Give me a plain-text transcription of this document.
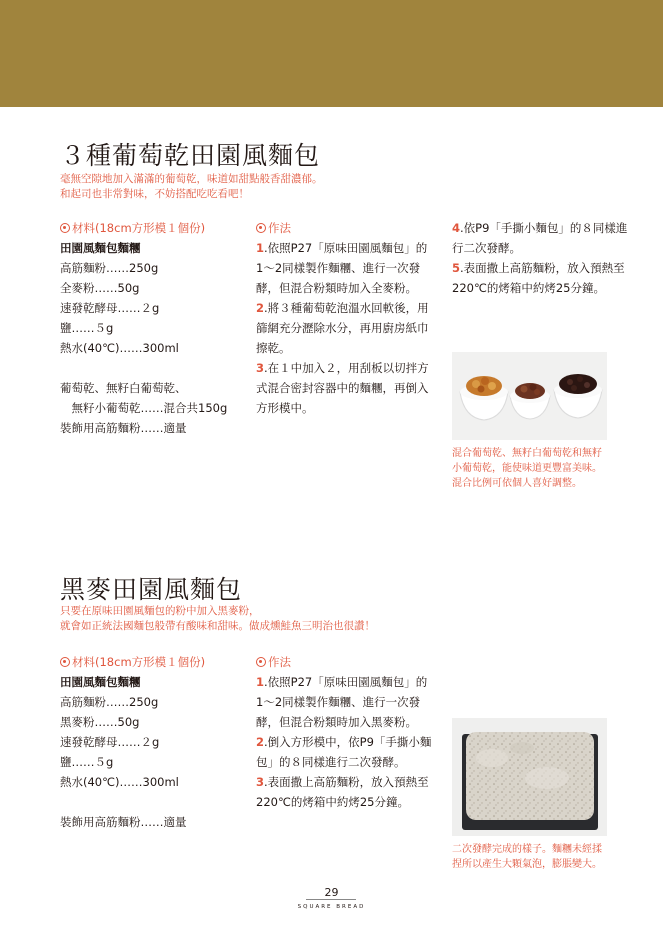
３種葡萄乾田園風麵包
毫無空隙地加入滿滿的葡萄乾，味道如甜點般香甜濃郁。
和起司也非常對味，不妨搭配吃吃看吧！
材料(18cm方形模１個份)
田園風麵包麵糰
高筋麵粉……250g
全麥粉……50g
速發乾酵母……２g
鹽……５g
熱水(40℃)……300ml
葡萄乾、無籽白葡萄乾、
　無籽小葡萄乾……混合共150g
裝飾用高筋麵粉……適量
作法
1.依照P27「原味田園風麵包」的
1～2同樣製作麵糰、進行一次發
酵，但混合粉類時加入全麥粉。
2.將３種葡萄乾泡溫水回軟後，用
篩網充分瀝除水分，再用廚房紙巾
擦乾。
3.在１中加入２，用刮板以切拌方
式混合密封容器中的麵糰，再倒入
方形模中。
4.依P9「手撕小麵包」的８同樣進
行二次發酵。
5.表面撒上高筋麵粉，放入預熱至
220℃的烤箱中約烤25分鐘。
混合葡萄乾、無籽白葡萄乾和無籽
小葡萄乾，能使味道更豐富美味。
混合比例可依個人喜好調整。
黑麥田園風麵包
只要在原味田園風麵包的粉中加入黑麥粉，
就會如正統法國麵包般帶有酸味和甜味。做成燻鮭魚三明治也很讚！
材料(18cm方形模１個份)
田園風麵包麵糰
高筋麵粉……250g
黑麥粉……50g
速發乾酵母……２g
鹽……５g
熱水(40℃)……300ml
裝飾用高筋麵粉……適量
作法
1.依照P27「原味田園風麵包」的
1～2同樣製作麵糰、進行一次發
酵，但混合粉類時加入黑麥粉。
2.倒入方形模中，依P9「手撕小麵
包」的８同樣進行二次發酵。
3.表面撒上高筋麵粉，放入預熱至
220℃的烤箱中約烤25分鐘。
二次發酵完成的樣子。麵糰未經揉
捏所以產生大顆氣泡，膨脹變大。
29
SQUARE BREAD
